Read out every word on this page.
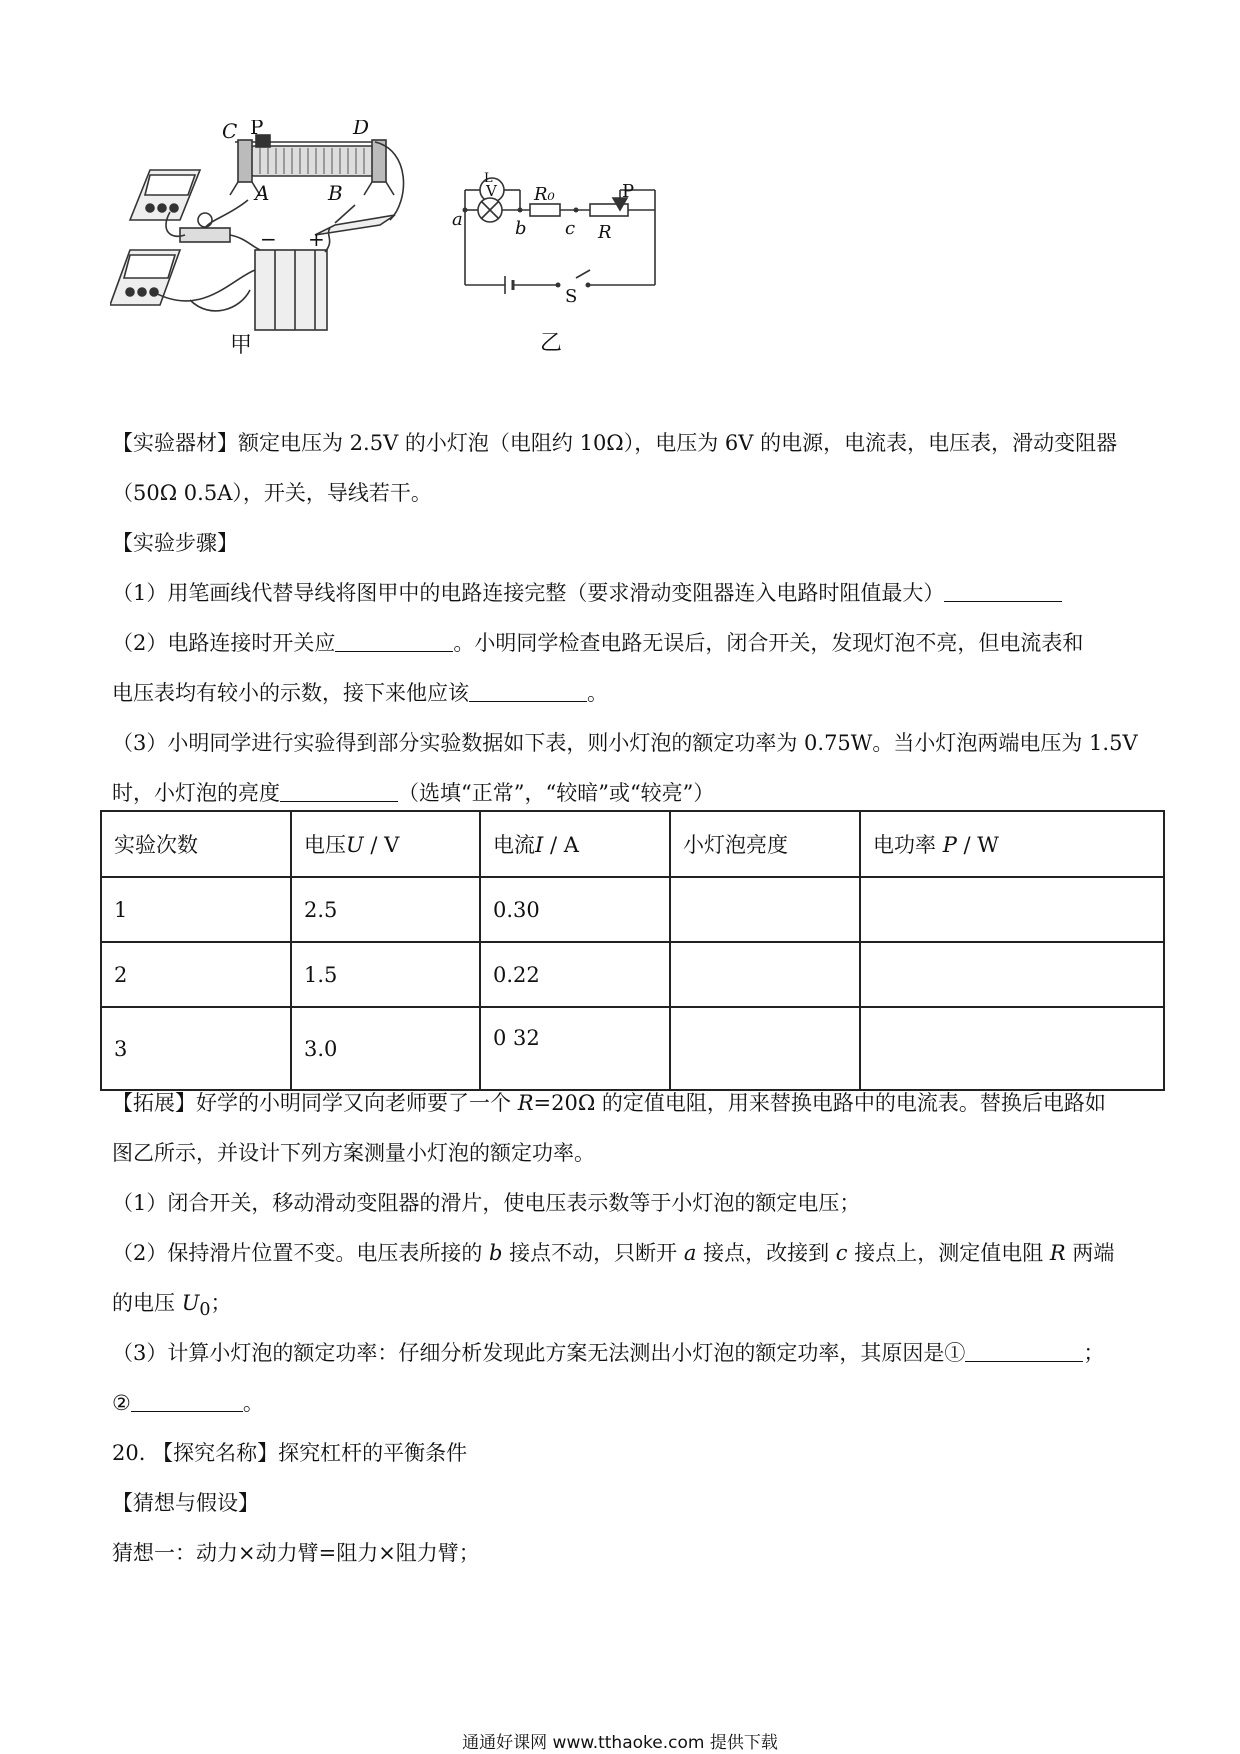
C P	D
A	B
− +
甲
V
L
R₀	P
R
a	b c
S
乙
【实验器材】额定电压为 2.5V 的小灯泡（电阻约 10Ω），电压为 6V 的电源，电流表，电压表，滑动变阻器
（50Ω 0.5A），开关，导线若干。
【实验步骤】
（1）用笔画线代替导线将图甲中的电路连接完整（要求滑动变阻器连入电路时阻值最大）
（2）电路连接时开关应	。小明同学检查电路无误后，闭合开关，发现灯泡不亮，但电流表和
电压表均有较小的示数，接下来他应该	。
（3）小明同学进行实验得到部分实验数据如下表，则小灯泡的额定功率为 0.75W。当小灯泡两端电压为 1.5V
时，小灯泡的亮度	（选填“正常”，“较暗”或“较亮”）
实验次数	电压U / V	电流I / A	小灯泡亮度	电功率 P / W
1	2.5	0.30		
2	1.5	0.22		
3	3.0	0 32		
【拓展】好学的小明同学又向老师要了一个 R=20Ω 的定值电阻，用来替换电路中的电流表。替换后电路如
图乙所示，并设计下列方案测量小灯泡的额定功率。
（1）闭合开关，移动滑动变阻器的滑片，使电压表示数等于小灯泡的额定电压；
（2）保持滑片位置不变。电压表所接的 b 接点不动，只断开 a 接点，改接到 c 接点上，测定值电阻 R 两端
的电压 $U_0$；
（3）计算小灯泡的额定功率：仔细分析发现此方案无法测出小灯泡的额定功率，其原因是①	；
②	。
20. 【探究名称】探究杠杆的平衡条件
【猜想与假设】
猜想一：动力×动力臂=阻力×阻力臂；
通通好课网 www.tthaoke.com 提供下载
